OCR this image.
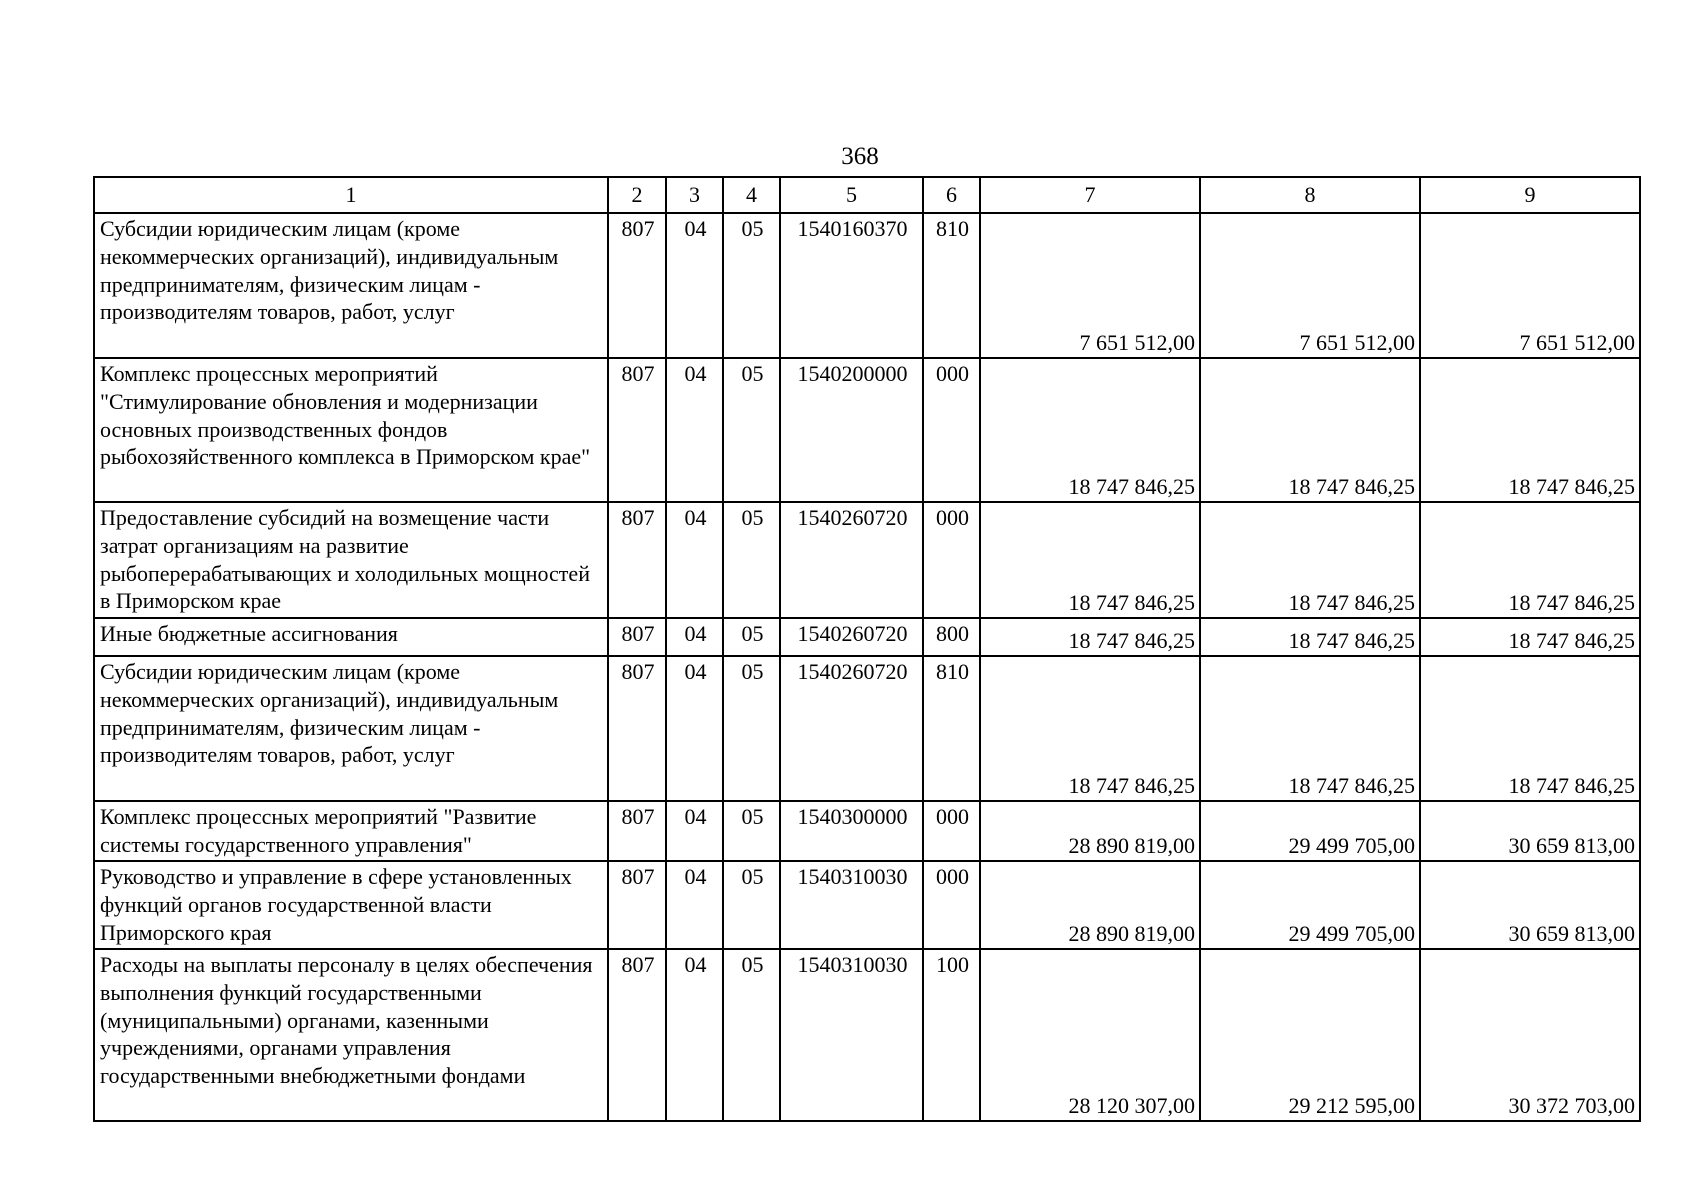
368
1	2	3	4	5	6	7	8	9
Субсидии юридическим лицам (кроме некоммерческих организаций), индивидуальным предпринимателям, физическим лицам - производителям товаров, работ, услуг	807	04	05	1540160370	810	7 651 512,00	7 651 512,00	7 651 512,00
Комплекс процессных мероприятий "Стимулирование обновления и модернизации основных производственных фондов рыбохозяйственного комплекса в Приморском крае"	807	04	05	1540200000	000	18 747 846,25	18 747 846,25	18 747 846,25
Предоставление субсидий на возмещение части затрат организациям на развитие рыбоперерабатывающих и холодильных мощностей в Приморском крае	807	04	05	1540260720	000	18 747 846,25	18 747 846,25	18 747 846,25
Иные бюджетные ассигнования	807	04	05	1540260720	800	18 747 846,25	18 747 846,25	18 747 846,25
Субсидии юридическим лицам (кроме некоммерческих организаций), индивидуальным предпринимателям, физическим лицам - производителям товаров, работ, услуг	807	04	05	1540260720	810	18 747 846,25	18 747 846,25	18 747 846,25
Комплекс процессных мероприятий "Развитие системы государственного управления"	807	04	05	1540300000	000	28 890 819,00	29 499 705,00	30 659 813,00
Руководство и управление в сфере установленных функций органов государственной власти Приморского края	807	04	05	1540310030	000	28 890 819,00	29 499 705,00	30 659 813,00
Расходы на выплаты персоналу в целях обеспечения выполнения функций государственными (муниципальными) органами, казенными учреждениями, органами управления государственными внебюджетными фондами	807	04	05	1540310030	100	28 120 307,00	29 212 595,00	30 372 703,00
